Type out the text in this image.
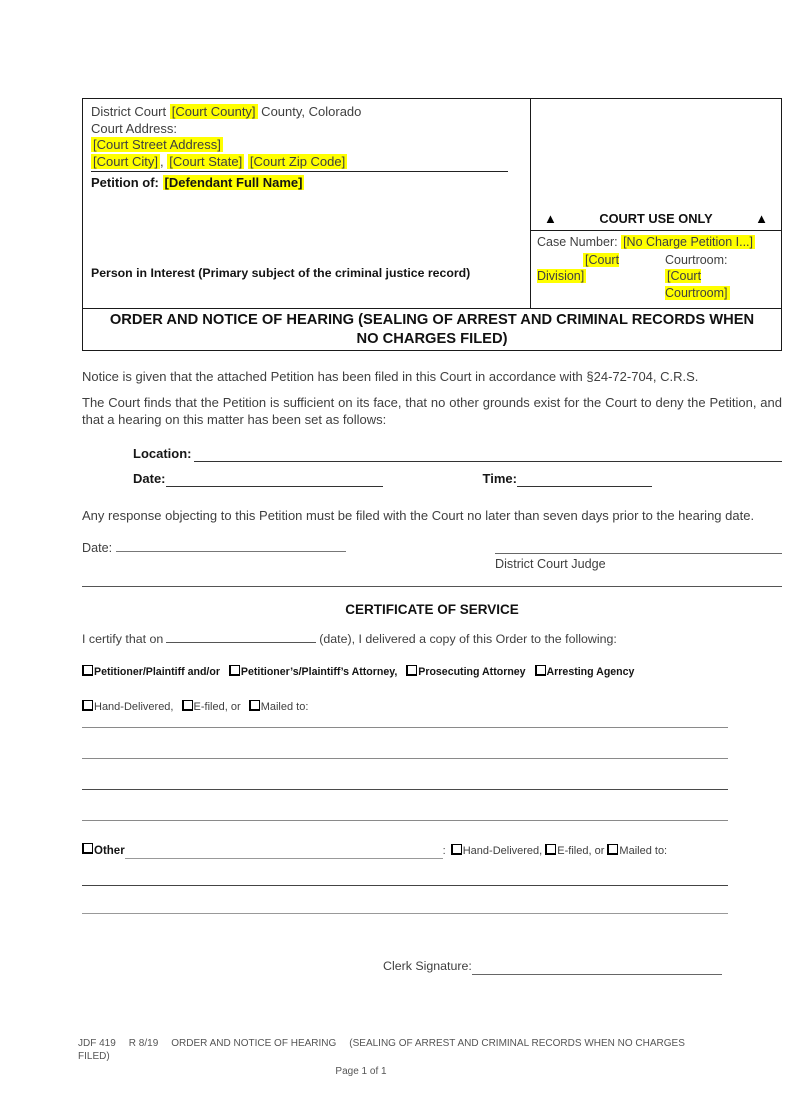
District Court [Court County] County, Colorado
Court Address:
[Court Street Address]
[Court City] , [Court State] [Court Zip Code]
Petition of: [Defendant Full Name]
Person in Interest (Primary subject of the criminal justice record)
▲	COURT USE ONLY	▲
Case Number: [No Charge Petition I...]
[Court Division]
Courtroom: [Court Courtroom]
ORDER AND NOTICE OF HEARING (SEALING OF ARREST AND CRIMINAL RECORDS WHEN NO CHARGES FILED)

Notice is given that the attached Petition has been filed in this Court in accordance with §24-72-704, C.R.S.

The Court finds that the Petition is sufficient on its face, that no other grounds exist for the Court to deny the Petition, and that a hearing on this matter has been set as follows:

Location:
Date:	Time:

Any response objecting to this Petition must be filed with the Court no later than seven days prior to the hearing date.

Date:
District Court Judge
CERTIFICATE OF SERVICE
I certify that on	(date), I delivered a copy of this Order to the following:
Petitioner/Plaintiff and/or Petitioner’s/Plaintiff’s Attorney, Prosecuting Attorney Arresting Agency
Hand-Delivered, E-filed, or Mailed to:
Other	:	Hand-Delivered,
	E-filed, or
	Mailed to:
Clerk Signature:
JDF 419 R 8/19 ORDER AND NOTICE OF HEARING (SEALING OF ARREST AND CRIMINAL RECORDS WHEN NO CHARGES FILED)
Page 1 of 1
